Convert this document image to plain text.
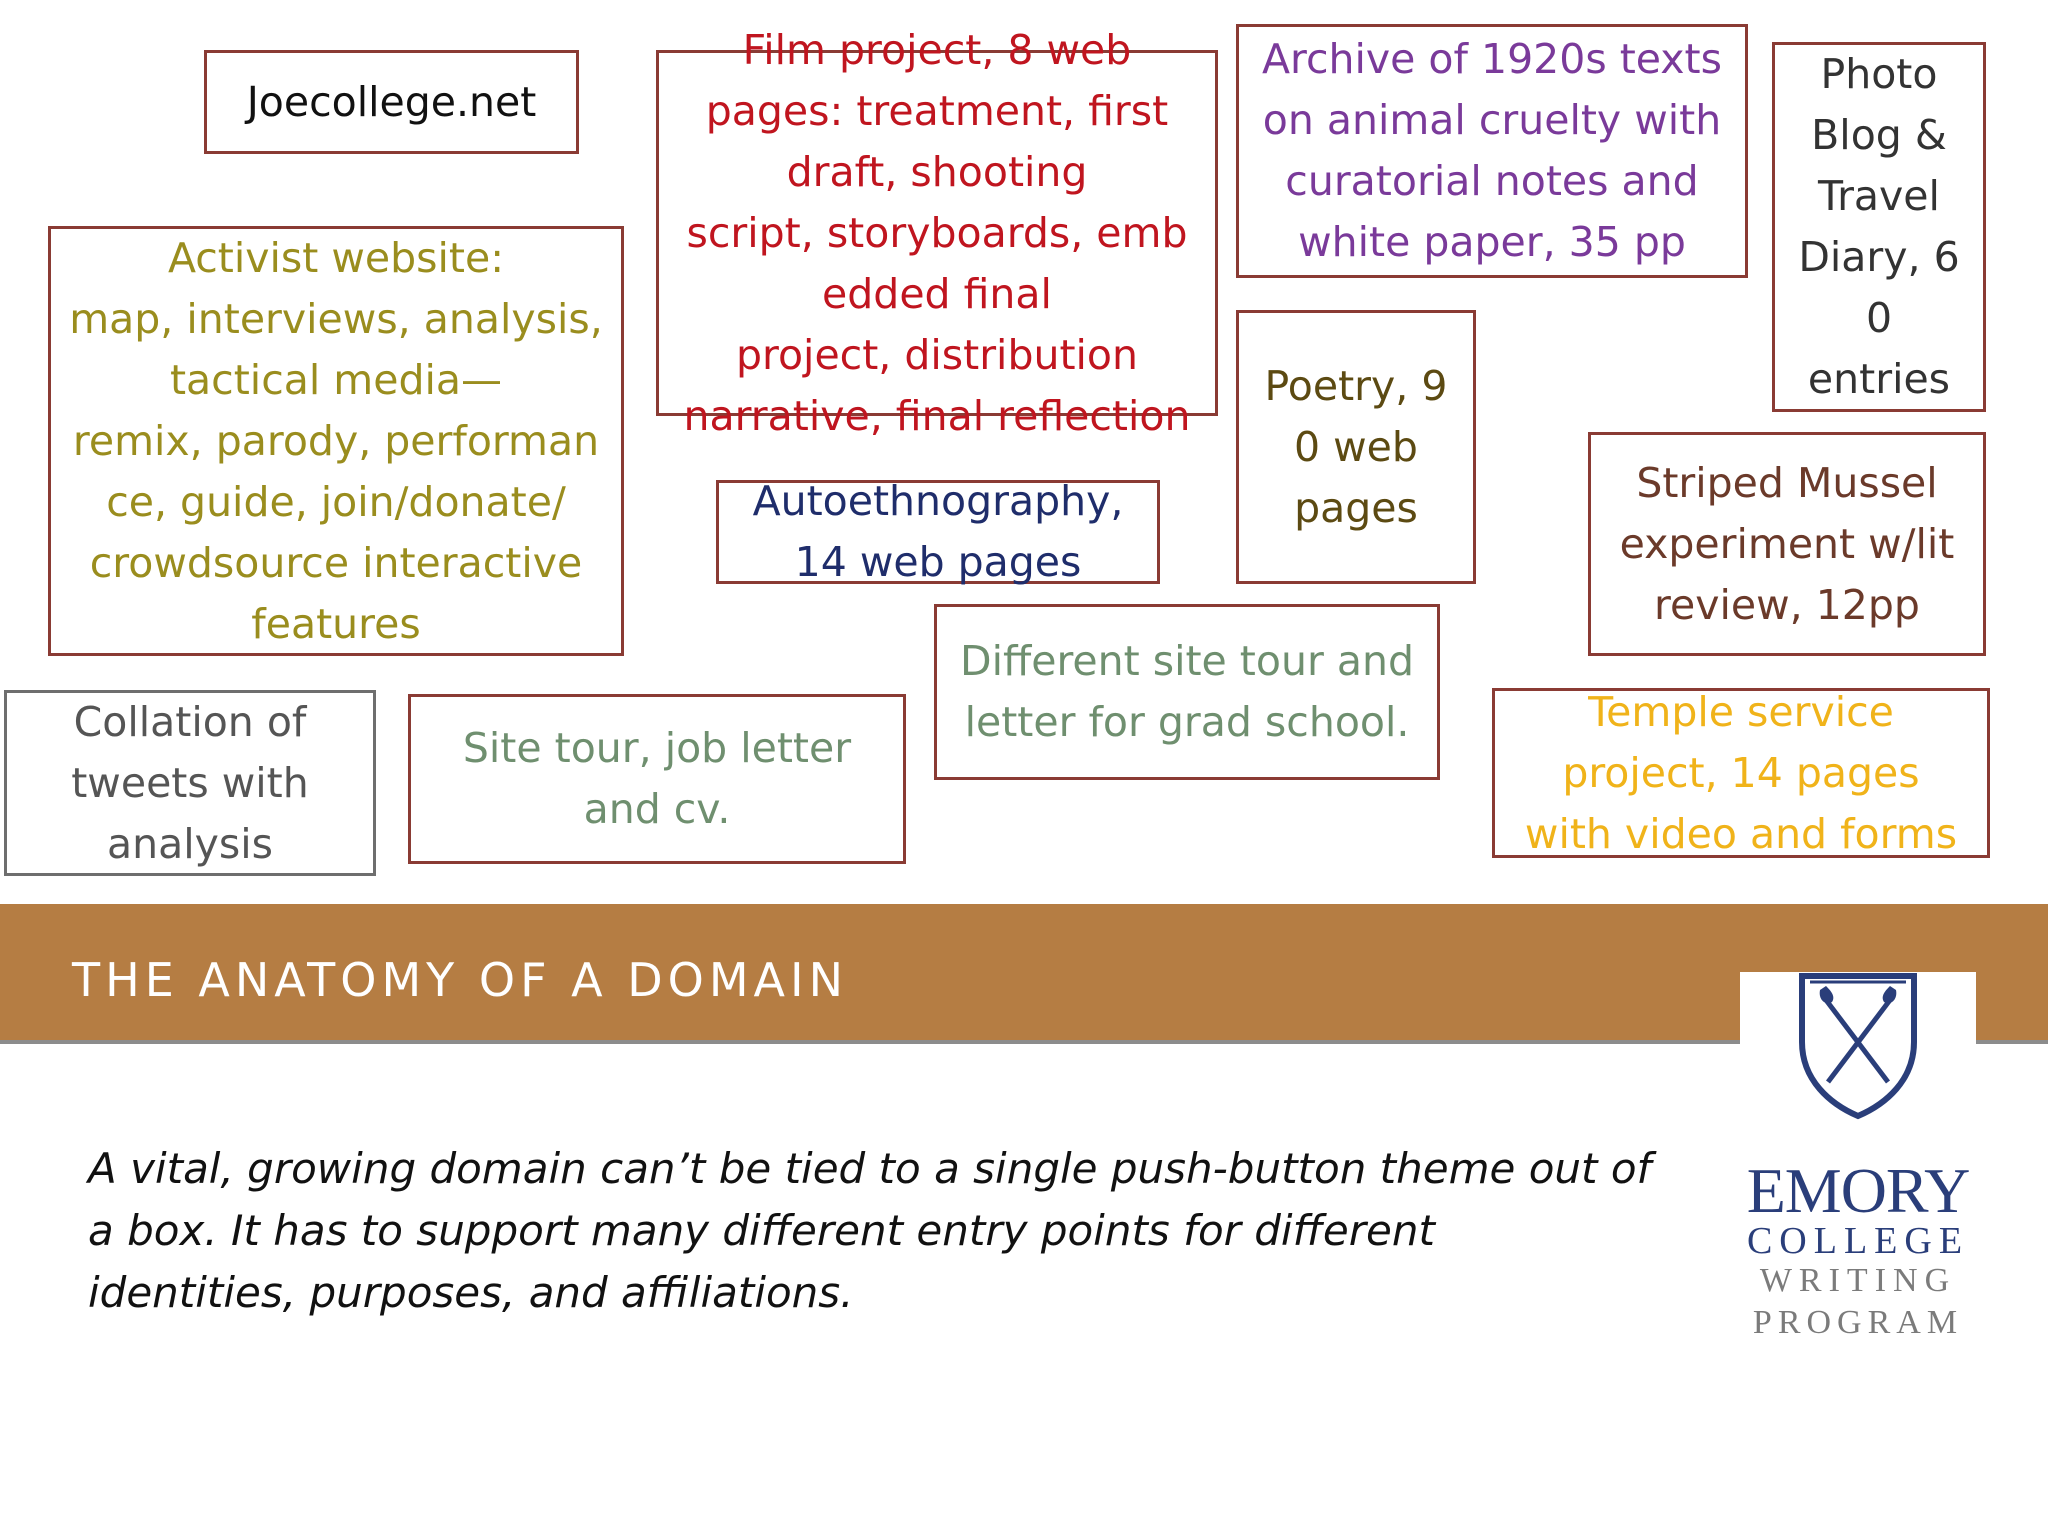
Joecollege.net
Activist website:
map, interviews, analysis,
tactical media—
remix, parody, performan
ce, guide, join/donate/
crowdsource interactive
features
Film project, 8 web
pages: treatment, first
draft, shooting
script, storyboards, emb
edded final
project, distribution
narrative, final reflection
Autoethnography,
14 web pages
Archive of 1920s texts
on animal cruelty with
curatorial notes and
white paper, 35 pp
Poetry, 9
0 web
pages
Photo
Blog &
Travel
Diary, 6
0
entries
Striped Mussel
experiment w/lit
review, 12pp
Different site tour and
letter for grad school.	Temple service
project, 14 pages
with video and forms
Collation of
tweets with
analysis
Site tour, job letter
and cv.
THE ANATOMY OF A DOMAIN
A vital, growing domain can’t be tied to a single push-button theme out of
a box. It has to support many different entry points for different
identities, purposes, and affiliations.
EMORY
COLLEGE
WRITING
PROGRAM
